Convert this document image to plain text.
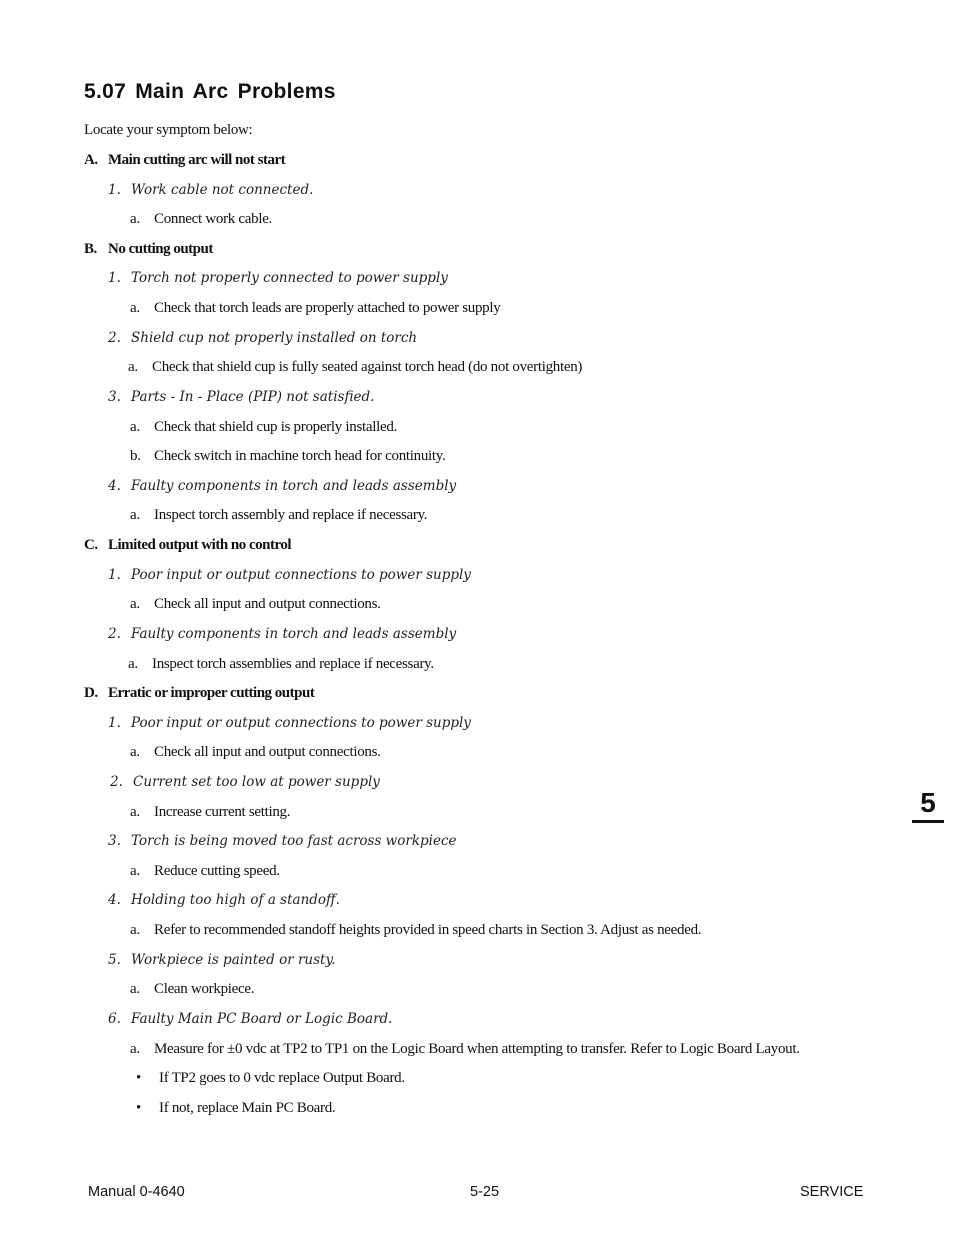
5.07 Main Arc Problems
Locate your symptom below:
A. Main cutting arc will not start
1. Work cable not connected.
a. Connect work cable.
B. No cutting output
1. Torch not properly connected to power supply
a. Check that torch leads are properly attached to power supply
2. Shield cup not properly installed on torch
a. Check that shield cup is fully seated against torch head (do not overtighten)
3. Parts - In - Place (PIP) not satisfied.
a. Check that shield cup is properly installed.
b. Check switch in machine torch head for continuity.
4. Faulty components in torch and leads assembly
a. Inspect torch assembly and replace if necessary.
C. Limited output with no control
1. Poor input or output connections to power supply
a. Check all input and output connections.
2. Faulty components in torch and leads assembly
a. Inspect torch assemblies and replace if necessary.
D. Erratic or improper cutting output
1. Poor input or output connections to power supply
a. Check all input and output connections.
2. Current set too low at power supply
a. Increase current setting.
3. Torch is being moved too fast across workpiece
a. Reduce cutting speed.
4. Holding too high of a standoff.
a. Refer to recommended standoff heights provided in speed charts in Section 3. Adjust as needed.
5. Workpiece is painted or rusty.
a. Clean workpiece.
6. Faulty Main PC Board or Logic Board.
a. Measure for ±0 vdc at TP2 to TP1 on the Logic Board when attempting to transfer. Refer to Logic Board Layout.
• If TP2 goes to 0 vdc replace Output Board.
• If not, replace Main PC Board.
5
Manual 0-4640	5-25	SERVICE
